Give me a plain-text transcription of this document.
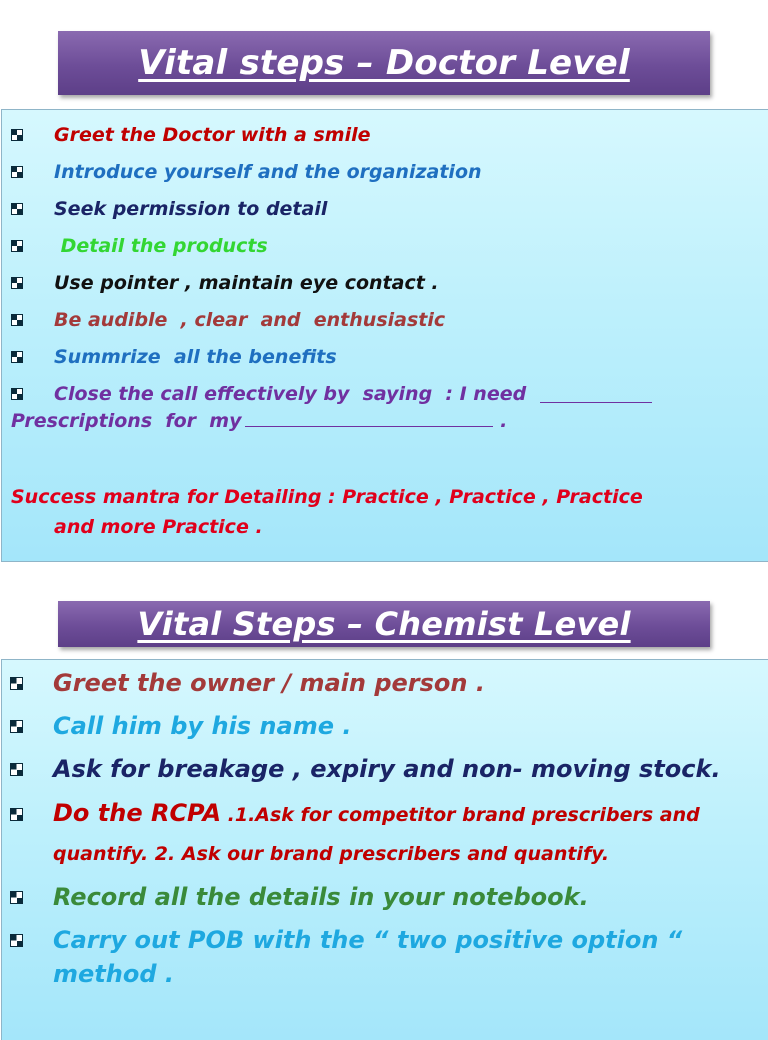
Vital steps – Doctor Level
Greet the Doctor with a smile
Introduce yourself and the organization
Seek permission to detail
Detail the products
Use pointer , maintain eye contact .
Be audible  , clear  and  enthusiastic
Summrize  all the benefits
Close the call effectively by  saying  : I need
Prescriptions  for  my	.
Success mantra for Detailing : Practice , Practice , Practice
and more Practice .
Vital Steps – Chemist Level
Greet the owner / main person .
Call him by his name .
Ask for breakage , expiry and non- moving stock.
Do the RCPA .1.Ask for competitor brand prescribers and quantify. 2. Ask our brand prescribers and quantify.
Record all the details in your notebook.
Carry out POB with the “ two positive option “ method .
